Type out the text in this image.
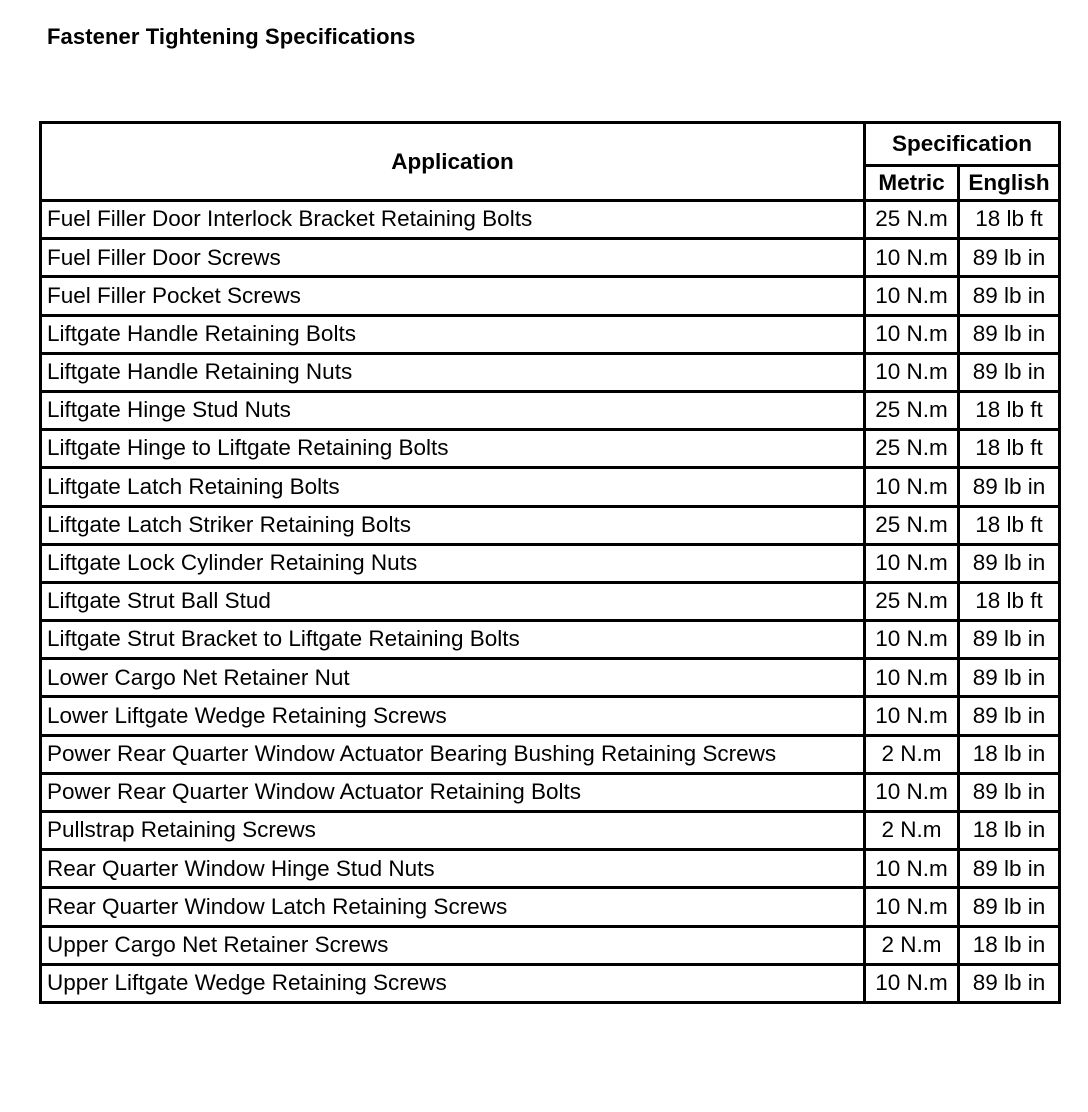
Fastener Tightening Specifications
Application	Specification	
	Metric	English
Fuel Filler Door Interlock Bracket Retaining Bolts	25 N.m	18 lb ft
Fuel Filler Door Screws	10 N.m	89 lb in
Fuel Filler Pocket Screws	10 N.m	89 lb in
Liftgate Handle Retaining Bolts	10 N.m	89 lb in
Liftgate Handle Retaining Nuts	10 N.m	89 lb in
Liftgate Hinge Stud Nuts	25 N.m	18 lb ft
Liftgate Hinge to Liftgate Retaining Bolts	25 N.m	18 lb ft
Liftgate Latch Retaining Bolts	10 N.m	89 lb in
Liftgate Latch Striker Retaining Bolts	25 N.m	18 lb ft
Liftgate Lock Cylinder Retaining Nuts	10 N.m	89 lb in
Liftgate Strut Ball Stud	25 N.m	18 lb ft
Liftgate Strut Bracket to Liftgate Retaining Bolts	10 N.m	89 lb in
Lower Cargo Net Retainer Nut	10 N.m	89 lb in
Lower Liftgate Wedge Retaining Screws	10 N.m	89 lb in
Power Rear Quarter Window Actuator Bearing Bushing Retaining Screws	2 N.m	18 lb in
Power Rear Quarter Window Actuator Retaining Bolts	10 N.m	89 lb in
Pullstrap Retaining Screws	2 N.m	18 lb in
Rear Quarter Window Hinge Stud Nuts	10 N.m	89 lb in
Rear Quarter Window Latch Retaining Screws	10 N.m	89 lb in
Upper Cargo Net Retainer Screws	2 N.m	18 lb in
Upper Liftgate Wedge Retaining Screws	10 N.m	89 lb in
